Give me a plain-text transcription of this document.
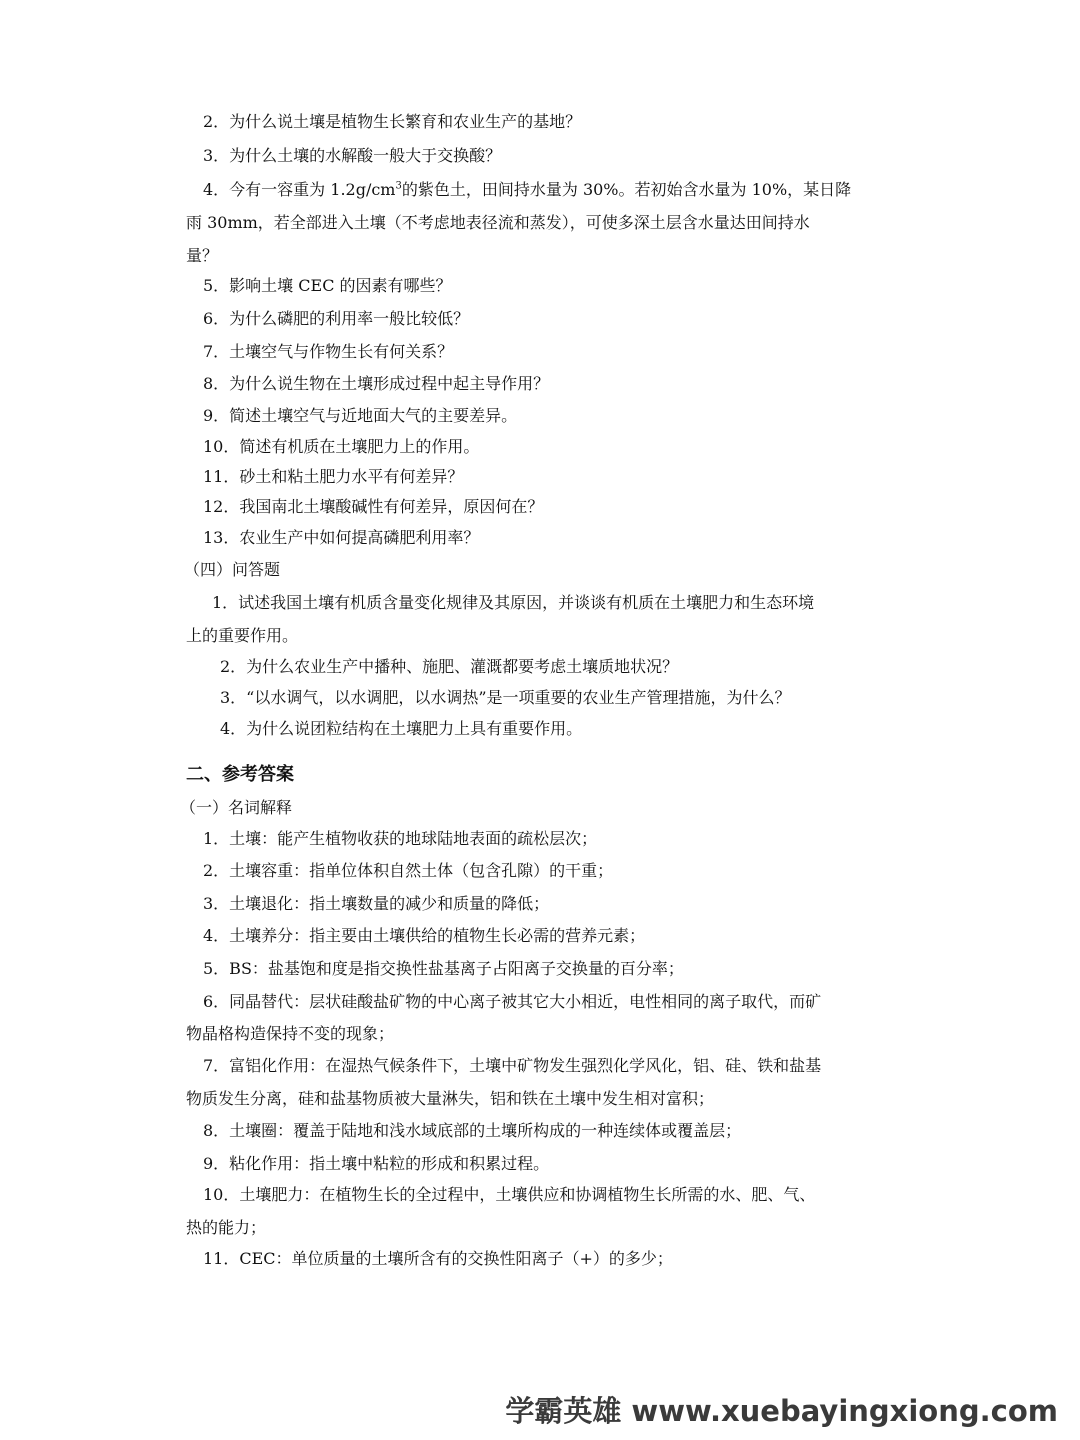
2．为什么说土壤是植物生长繁育和农业生产的基地？
3．为什么土壤的水解酸一般大于交换酸？
4．今有一容重为 $1.2g/cm^3$的紫色土，田间持水量为 30%。若初始含水量为 10%，某日降
雨 30mm，若全部进入土壤（不考虑地表径流和蒸发），可使多深土层含水量达田间持水
量？
5．影响土壤 CEC 的因素有哪些？
6．为什么磷肥的利用率一般比较低？
7．土壤空气与作物生长有何关系？
8．为什么说生物在土壤形成过程中起主导作用？
9．简述土壤空气与近地面大气的主要差异。
10．简述有机质在土壤肥力上的作用。
11．砂土和粘土肥力水平有何差异？
12．我国南北土壤酸碱性有何差异，原因何在？
13．农业生产中如何提高磷肥利用率？
（四）问答题
1．试述我国土壤有机质含量变化规律及其原因，并谈谈有机质在土壤肥力和生态环境
上的重要作用。
2．为什么农业生产中播种、施肥、灌溉都要考虑土壤质地状况？
3．“以水调气，以水调肥，以水调热”是一项重要的农业生产管理措施，为什么？
4．为什么说团粒结构在土壤肥力上具有重要作用。
二、参考答案
（一）名词解释
1．土壤：能产生植物收获的地球陆地表面的疏松层次；
2．土壤容重：指单位体积自然土体（包含孔隙）的干重；
3．土壤退化：指土壤数量的减少和质量的降低；
4．土壤养分：指主要由土壤供给的植物生长必需的营养元素；
5．BS：盐基饱和度是指交换性盐基离子占阳离子交换量的百分率；
6．同晶替代：层状硅酸盐矿物的中心离子被其它大小相近，电性相同的离子取代，而矿
物晶格构造保持不变的现象；
7．富铝化作用：在湿热气候条件下，土壤中矿物发生强烈化学风化，铝、硅、铁和盐基
物质发生分离，硅和盐基物质被大量淋失，铝和铁在土壤中发生相对富积；
8．土壤圈：覆盖于陆地和浅水域底部的土壤所构成的一种连续体或覆盖层；
9．粘化作用：指土壤中粘粒的形成和积累过程。
10．土壤肥力：在植物生长的全过程中，土壤供应和协调植物生长所需的水、肥、气、
热的能力；
11．CEC：单位质量的土壤所含有的交换性阳离子（+）的多少；
学霸英雄 www.xuebayingxiong.com
